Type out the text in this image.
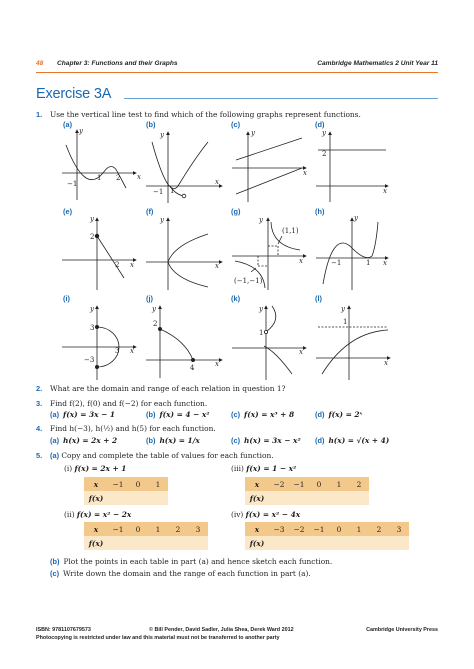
48 Chapter 3: Functions and their Graphs	Cambridge Mathematics 2 Unit Year 11
Exercise 3A
1. Use the vertical line test to find which of the following graphs represent functions.
(a)	(b)	(c)	(d)
(e)	(f)	(g)	(h)
(i)	(j)	(k)	(l)
x
y
−1
1 2	x
y
−1 1
x
y
x
y
2
x
y
2
2	x
y
x
y
(1,1)
(−1,−1)
x
y
−1	1
x
y
3
−3
3
x
y
2
4
x
y
1
x
y
1
2. What are the domain and range of each relation in question 1?
3. Find f(2), f(0) and f(−2) for each function.
(a) f(x) = 3x − 1	(b) f(x) = 4 − x²	(c) f(x) = x³ + 8	(d) f(x) = 2ˣ
4. Find h(−3), h(½) and h(5) for each function.
(a) h(x) = 2x + 2	(b) h(x) = 1/x	(c) h(x) = 3x − x² (d) h(x) = √(x + 4)
5. (a) Copy and complete the table of values for each function.
(i) f(x) = 2x + 1
x	−1	0	1
f(x)			
(iii) f(x) = 1 − x²
x	−2	−1	0	1	2
f(x)					
(ii) f(x) = x² − 2x
x	−1	0	1	2	3
f(x)					
(iv) f(x) = x² − 4x
x	−3	−2	−1	0	1	2	3
f(x)							
(b) Plot the points in each table in part (a) and hence sketch each function.
(c) Write down the domain and the range of each function in part (a).
ISBN: 9781107679573	© Bill Pender, David Sadler, Julia Shea, Derek Ward 2012	Cambridge University Press
Photocopying is restricted under law and this material must not be transferred to another party
